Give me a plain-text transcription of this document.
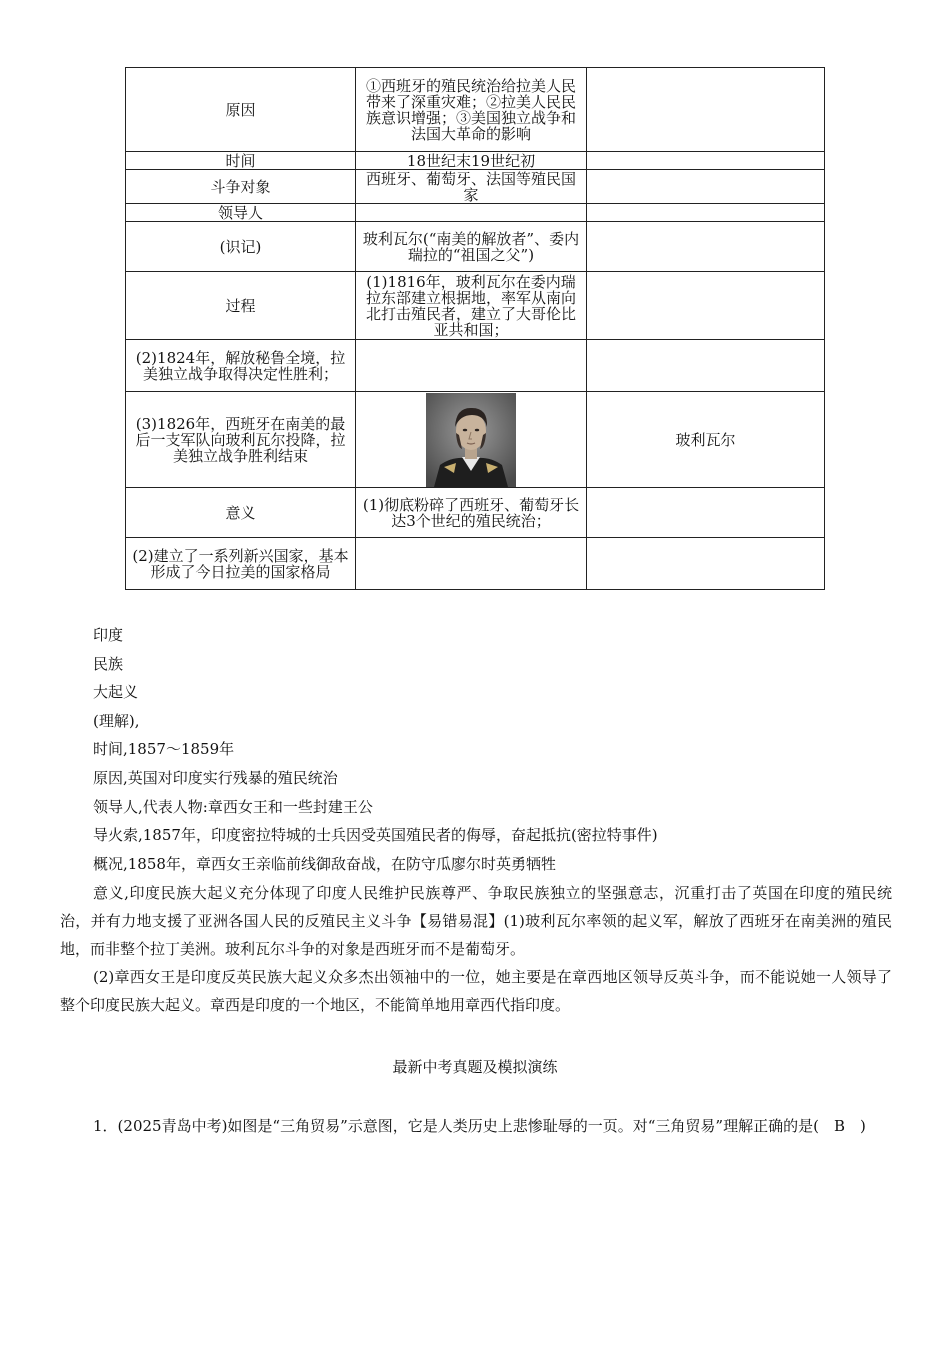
原因	①西班牙的殖民统治给拉美人民带来了深重灾难；②拉美人民民族意识增强；③美国独立战争和法国大革命的影响	
时间	18世纪末19世纪初	
斗争对象	西班牙、葡萄牙、法国等殖民国家	
领导人		
(识记)	玻利瓦尔(“南美的解放者”、委内瑞拉的“祖国之父”)	
过程	(1)1816年，玻利瓦尔在委内瑞拉东部建立根据地，率军从南向北打击殖民者，建立了大哥伦比亚共和国；	
(2)1824年，解放秘鲁全境，拉美独立战争取得决定性胜利；		
(3)1826年，西班牙在南美的最后一支军队向玻利瓦尔投降，拉美独立战争胜利结束		玻利瓦尔
意义	(1)彻底粉碎了西班牙、葡萄牙长达3个世纪的殖民统治；	
(2)建立了一系列新兴国家，基本形成了今日拉美的国家格局		
印度
民族
大起义
(理解),
时间,1857～1859年
原因,英国对印度实行残暴的殖民统治
领导人,代表人物:章西女王和一些封建王公
导火索,1857年，印度密拉特城的士兵因受英国殖民者的侮辱，奋起抵抗(密拉特事件)
概况,1858年，章西女王亲临前线御敌奋战，在防守瓜廖尔时英勇牺牲

意义,印度民族大起义充分体现了印度人民维护民族尊严、争取民族独立的坚强意志，沉重打击了英国在印度的殖民统治，并有力地支援了亚洲各国人民的反殖民主义斗争【易错易混】(1)玻利瓦尔率领的起义军，解放了西班牙在南美洲的殖民地，而非整个拉丁美洲。玻利瓦尔斗争的对象是西班牙而不是葡萄牙。

(2)章西女王是印度反英民族大起义众多杰出领袖中的一位，她主要是在章西地区领导反英斗争，而不能说她一人领导了整个印度民族大起义。章西是印度的一个地区，不能简单地用章西代指印度。

最新中考真题及模拟演练
1．(2025青岛中考)如图是“三角贸易”示意图，它是人类历史上悲惨耻辱的一页。对“三角贸易”理解正确的是(　B　)
